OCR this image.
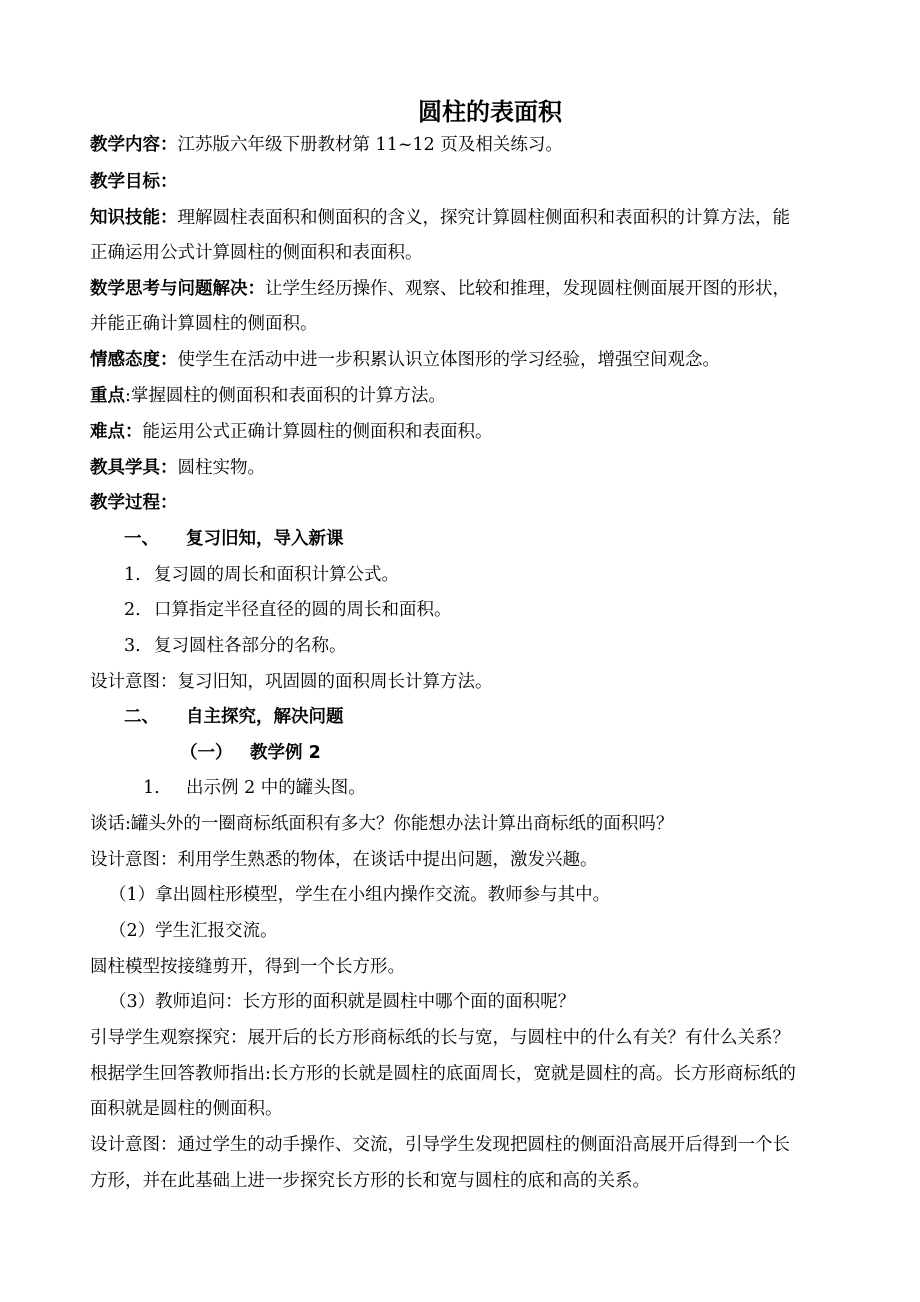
圆柱的表面积
教学内容：江苏版六年级下册教材第 11~12 页及相关练习。
教学目标：
知识技能：理解圆柱表面积和侧面积的含义，探究计算圆柱侧面积和表面积的计算方法，能
正确运用公式计算圆柱的侧面积和表面积。
数学思考与问题解决：让学生经历操作、观察、比较和推理，发现圆柱侧面展开图的形状，
并能正确计算圆柱的侧面积。
情感态度：使学生在活动中进一步积累认识立体图形的学习经验，增强空间观念。
重点:掌握圆柱的侧面积和表面积的计算方法。
难点：能运用公式正确计算圆柱的侧面积和表面积。
教具学具：圆柱实物。
教学过程：
一、 复习旧知，导入新课
1. 复习圆的周长和面积计算公式。
2. 口算指定半径直径的圆的周长和面积。
3. 复习圆柱各部分的名称。
设计意图：复习旧知，巩固圆的面积周长计算方法。
二、 自主探究，解决问题
（一） 教学例 2
1. 出示例 2 中的罐头图。
谈话:罐头外的一圈商标纸面积有多大？你能想办法计算出商标纸的面积吗？
设计意图：利用学生熟悉的物体，在谈话中提出问题，激发兴趣。
（1）拿出圆柱形模型，学生在小组内操作交流。教师参与其中。
（2）学生汇报交流。
圆柱模型按接缝剪开，得到一个长方形。
（3）教师追问：长方形的面积就是圆柱中哪个面的面积呢？
引导学生观察探究：展开后的长方形商标纸的长与宽，与圆柱中的什么有关？有什么关系？
根据学生回答教师指出:长方形的长就是圆柱的底面周长，宽就是圆柱的高。长方形商标纸的
面积就是圆柱的侧面积。
设计意图：通过学生的动手操作、交流，引导学生发现把圆柱的侧面沿高展开后得到一个长
方形，并在此基础上进一步探究长方形的长和宽与圆柱的底和高的关系。
